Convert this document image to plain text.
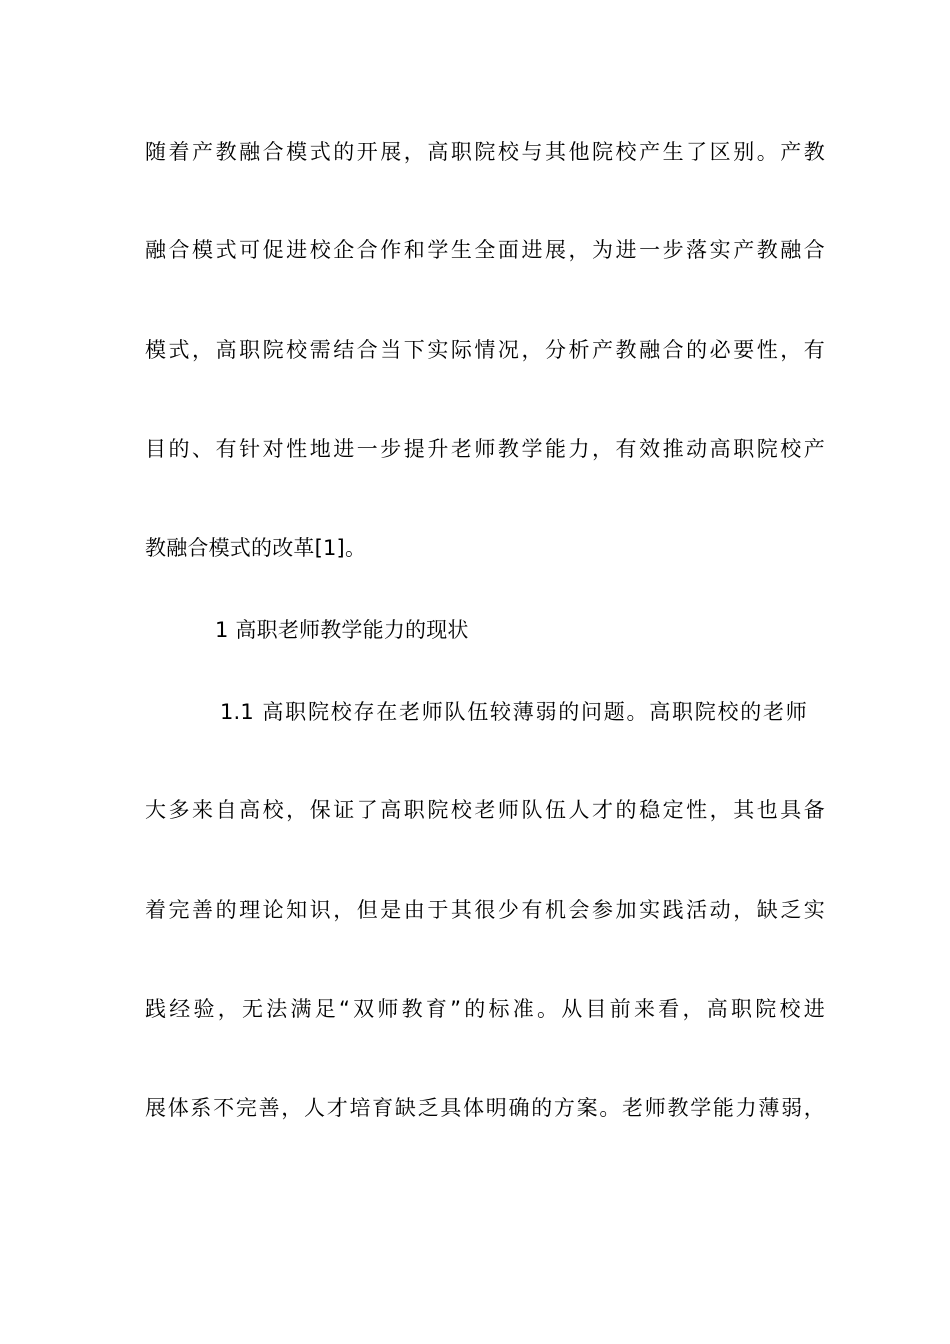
随着产教融合模式的开展，高职院校与其他院校产生了区别。产教
融合模式可促进校企合作和学生全面进展，为进一步落实产教融合
模式，高职院校需结合当下实际情况，分析产教融合的必要性，有
目的、有针对性地进一步提升老师教学能力，有效推动高职院校产
教融合模式的改革[1]。
1 高职老师教学能力的现状
1.1 高职院校存在老师队伍较薄弱的问题。高职院校的老师
大多来自高校，保证了高职院校老师队伍人才的稳定性，其也具备
着完善的理论知识，但是由于其很少有机会参加实践活动，缺乏实
践经验，无法满足“双师教育”的标准。从目前来看，高职院校进
展体系不完善，人才培育缺乏具体明确的方案。老师教学能力薄弱，
